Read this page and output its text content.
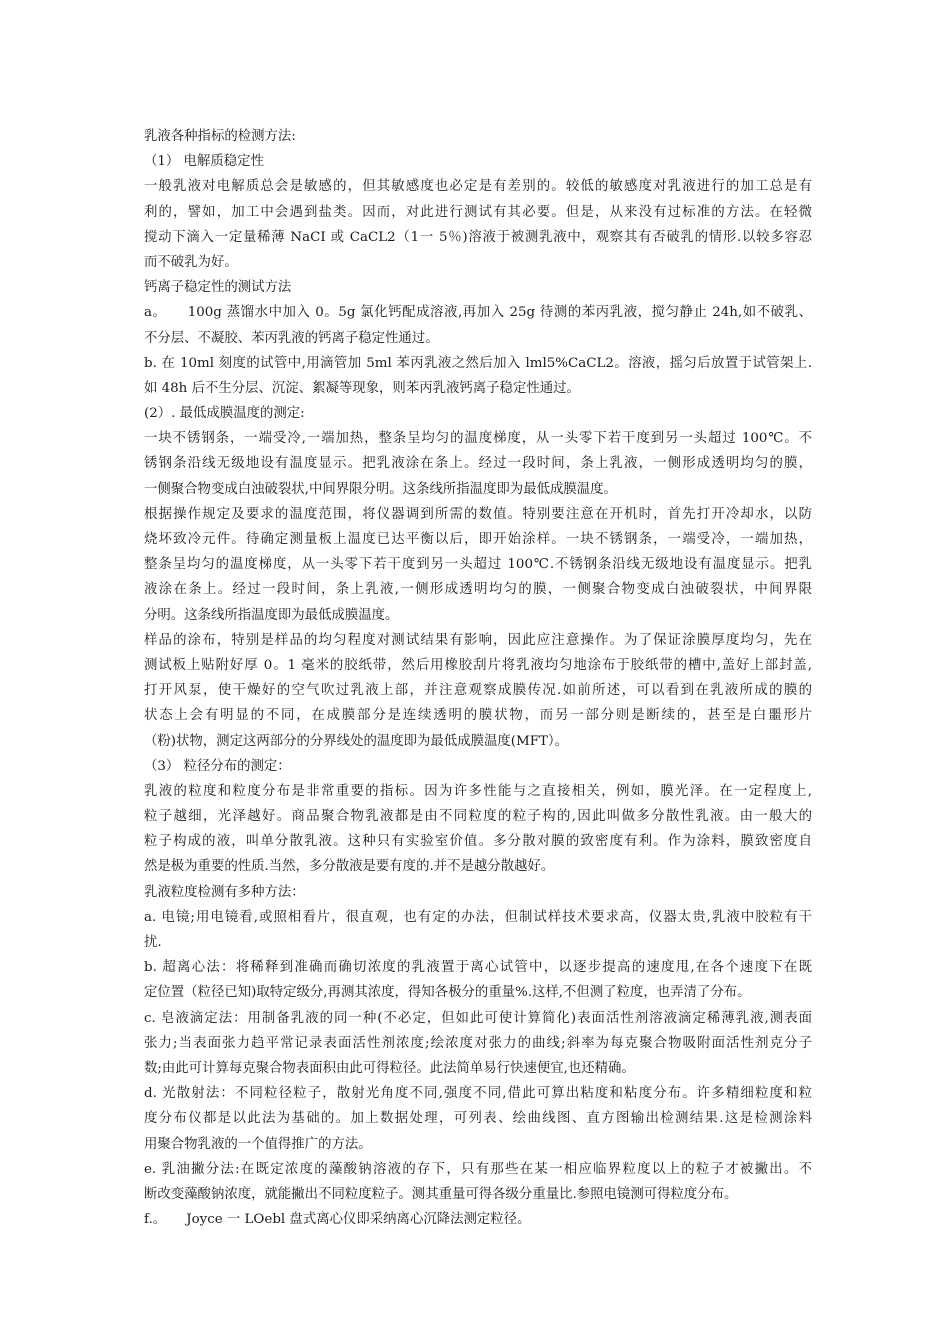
乳液各种指标的检测方法:

（1） 电解质稳定性

一般乳液对电解质总会是敏感的，但其敏感度也必定是有差别的。较低的敏感度对乳液进行的加工总是有

利的，譬如，加工中会遇到盐类。因而，对此进行测试有其必要。但是，从来没有过标准的方法。在轻微

搅动下滴入一定量稀薄 NaCI 或 CaCL2（1一 5％)溶液于被测乳液中，观察其有否破乳的情形.以较多容忍

而不破乳为好。

钙离子稳定性的测试方法

a。　　100g 蒸馏水中加入 0。5g 氯化钙配成溶液,再加入 25g 待测的苯丙乳液，搅匀静止 24h,如不破乳、

不分层、不凝胶、苯丙乳液的钙离子稳定性通过。

b. 在 10ml 刻度的试管中,用滴管加 5ml 苯丙乳液之然后加入 lml5%CaCL2。溶液，摇匀后放置于试管架上.

如 48h 后不生分层、沉淀、絮凝等现象，则苯丙乳液钙离子稳定性通过。

(2）. 最低成膜温度的测定:

一块不锈钢条，一端受冷,一端加热，整条呈均匀的温度梯度，从一头零下若干度到另一头超过 100℃。不

锈钢条沿线无级地设有温度显示。把乳液涂在条上。经过一段时间，条上乳液，一侧形成透明均匀的膜，

一侧聚合物变成白浊破裂状,中间界限分明。这条线所指温度即为最低成膜温度。

根据操作规定及要求的温度范围，将仪器调到所需的数值。特别要注意在开机时，首先打开冷却水，以防

烧坏致冷元件。待确定测量板上温度已达平衡以后，即开始涂样。一块不锈钢条，一端受冷，一端加热，

整条呈均匀的温度梯度，从一头零下若干度到另一头超过 100℃.不锈钢条沿线无级地设有温度显示。把乳

液涂在条上。经过一段时间，条上乳液,一侧形成透明均匀的膜，一侧聚合物变成白浊破裂状，中间界限

分明。这条线所指温度即为最低成膜温度。

样品的涂布，特别是样品的均匀程度对测试结果有影响，因此应注意操作。为了保证涂膜厚度均匀，先在

测试板上贴附好厚 0。1 毫米的胶纸带，然后用橡胶刮片将乳液均匀地涂布于胶纸带的槽中,盖好上部封盖,

打开风泵，使干燥好的空气吹过乳液上部，并注意观察成膜传况.如前所述，可以看到在乳液所成的膜的

状态上会有明显的不同，在成膜部分是连续透明的膜状物，而另一部分则是断续的，甚至是白噩形片

（粉)状物，测定这两部分的分界线处的温度即为最低成膜温度(MFT）。

（3） 粒径分布的测定：

乳液的粒度和粒度分布是非常重要的指标。因为许多性能与之直接相关，例如，膜光泽。在一定程度上,

粒子越细，光泽越好。商品聚合物乳液都是由不同粒度的粒子构的,因此叫做多分散性乳液。由一般大的

粒子构成的液，叫单分散乳液。这种只有实验室价值。多分散对膜的致密度有利。作为涂料，膜致密度自

然是极为重要的性质.当然，多分散液是要有度的.并不是越分散越好。

乳液粒度检测有多种方法：

a. 电镜;用电镜看,或照相看片，很直观，也有定的办法，但制试样技术要求高，仪器太贵,乳液中胶粒有干

扰.

b. 超离心法：将稀释到准确而确切浓度的乳液置于离心试管中，以逐步提高的速度甩,在各个速度下在既

定位置（粒径已知)取特定级分,再测其浓度，得知各极分的重量%.这样,不但测了粒度，也弄清了分布。

c. 皂液滴定法：用制备乳液的同一种(不必定，但如此可使计算简化)表面活性剂溶液滴定稀薄乳液,测表面

张力;当表面张力趋平常记录表面活性剂浓度;绘浓度对张力的曲线;斜率为每克聚合物吸附面活性剂克分子

数;由此可计算每克聚合物表面积由此可得粒径。此法简单易行快速便宜,也还精确。

d. 光散射法：不同粒径粒子，散射光角度不同,强度不同,借此可算出粘度和粘度分布。许多精细粒度和粒

度分布仪都是以此法为基础的。加上数据处理，可列表、绘曲线图、直方图输出检测结果.这是检测涂料

用聚合物乳液的一个值得推广的方法。

e. 乳油撇分法:在既定浓度的藻酸钠溶液的存下，只有那些在某一相应临界粒度以上的粒子才被撇出。不

断改变藻酸钠浓度，就能撇出不同粒度粒子。测其重量可得各级分重量比.参照电镜测可得粒度分布。

f.。　　Joyce 一 LOebl 盘式离心仪即采纳离心沉降法测定粒径。
